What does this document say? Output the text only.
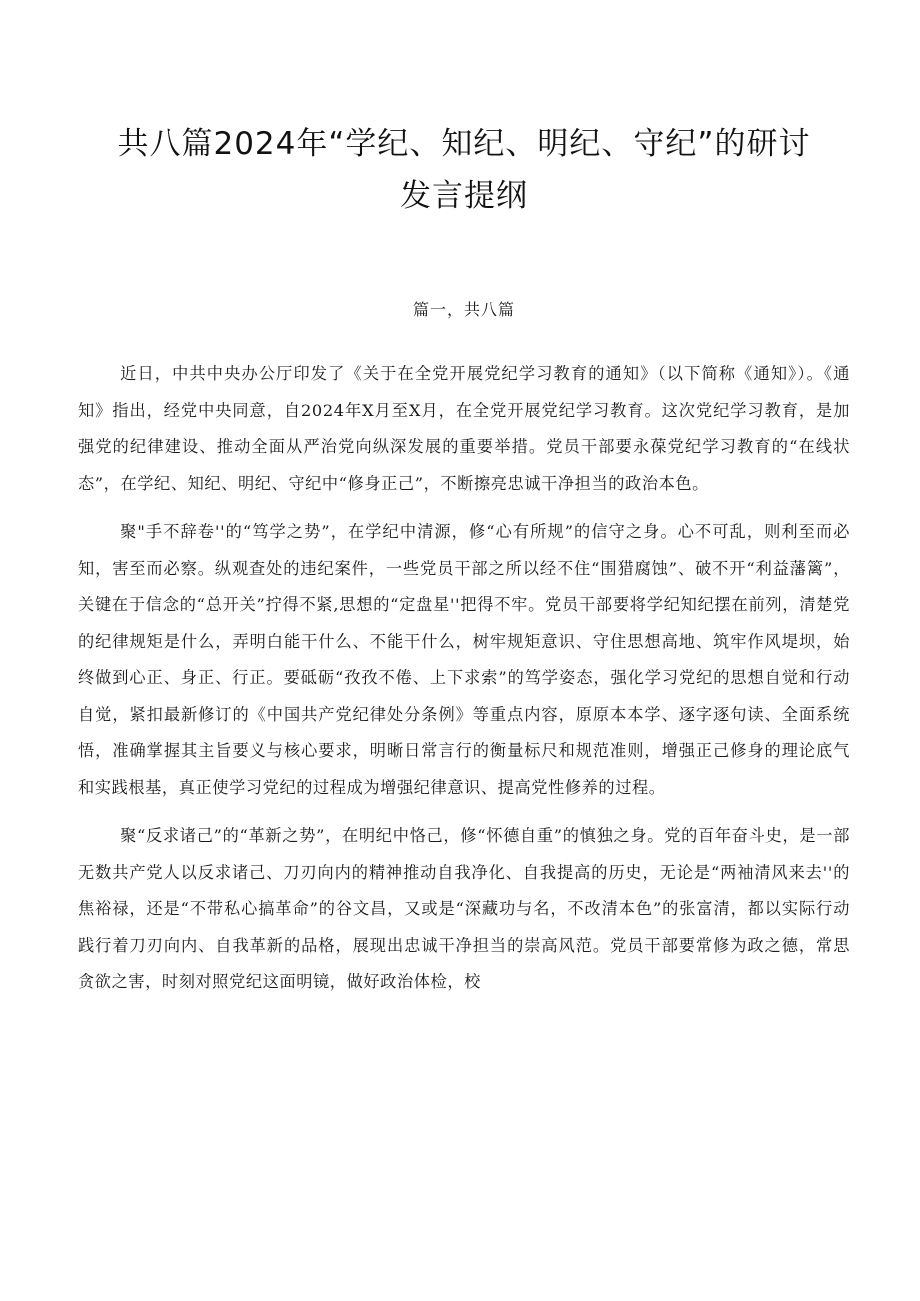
共八篇2024年“学纪、知纪、明纪、守纪”的研讨
发言提纲
篇一，共八篇

近日，中共中央办公厅印发了《关于在全党开展党纪学习教育的通知》（以下简称《通知》）。《通知》指出，经党中央同意，自2024年X月至X月，在全党开展党纪学习教育。这次党纪学习教育，是加强党的纪律建设、推动全面从严治党向纵深发展的重要举措。党员干部要永葆党纪学习教育的“在线状态”，在学纪、知纪、明纪、守纪中“修身正己”，不断擦亮忠诚干净担当的政治本色。

聚"手不辞卷''的“笃学之势”，在学纪中清源，修“心有所规”的信守之身。心不可乱，则利至而必知，害至而必察。纵观查处的违纪案件，一些党员干部之所以经不住“围猎腐蚀”、破不开“利益藩篱”，关键在于信念的“总开关”拧得不紧,思想的“定盘星''把得不牢。党员干部要将学纪知纪摆在前列，清楚党的纪律规矩是什么，弄明白能干什么、不能干什么，树牢规矩意识、守住思想高地、筑牢作风堤坝，始终做到心正、身正、行正。要砥砺“孜孜不倦、上下求索”的笃学姿态，强化学习党纪的思想自觉和行动自觉，紧扣最新修订的《中国共产党纪律处分条例》等重点内容，原原本本学、逐字逐句读、全面系统悟，准确掌握其主旨要义与核心要求，明晰日常言行的衡量标尺和规范准则，增强正己修身的理论底气和实践根基，真正使学习党纪的过程成为增强纪律意识、提高党性修养的过程。

聚“反求诸己”的“革新之势”，在明纪中恪己，修“怀德自重”的慎独之身。党的百年奋斗史，是一部无数共产党人以反求诸己、刀刃向内的精神推动自我净化、自我提高的历史，无论是“两袖清风来去''的焦裕禄，还是“不带私心搞革命”的谷文昌，又或是“深藏功与名，不改清本色”的张富清，都以实际行动践行着刀刃向内、自我革新的品格，展现出忠诚干净担当的崇高风范。党员干部要常修为政之德，常思贪欲之害，时刻对照党纪这面明镜，做好政治体检，校
